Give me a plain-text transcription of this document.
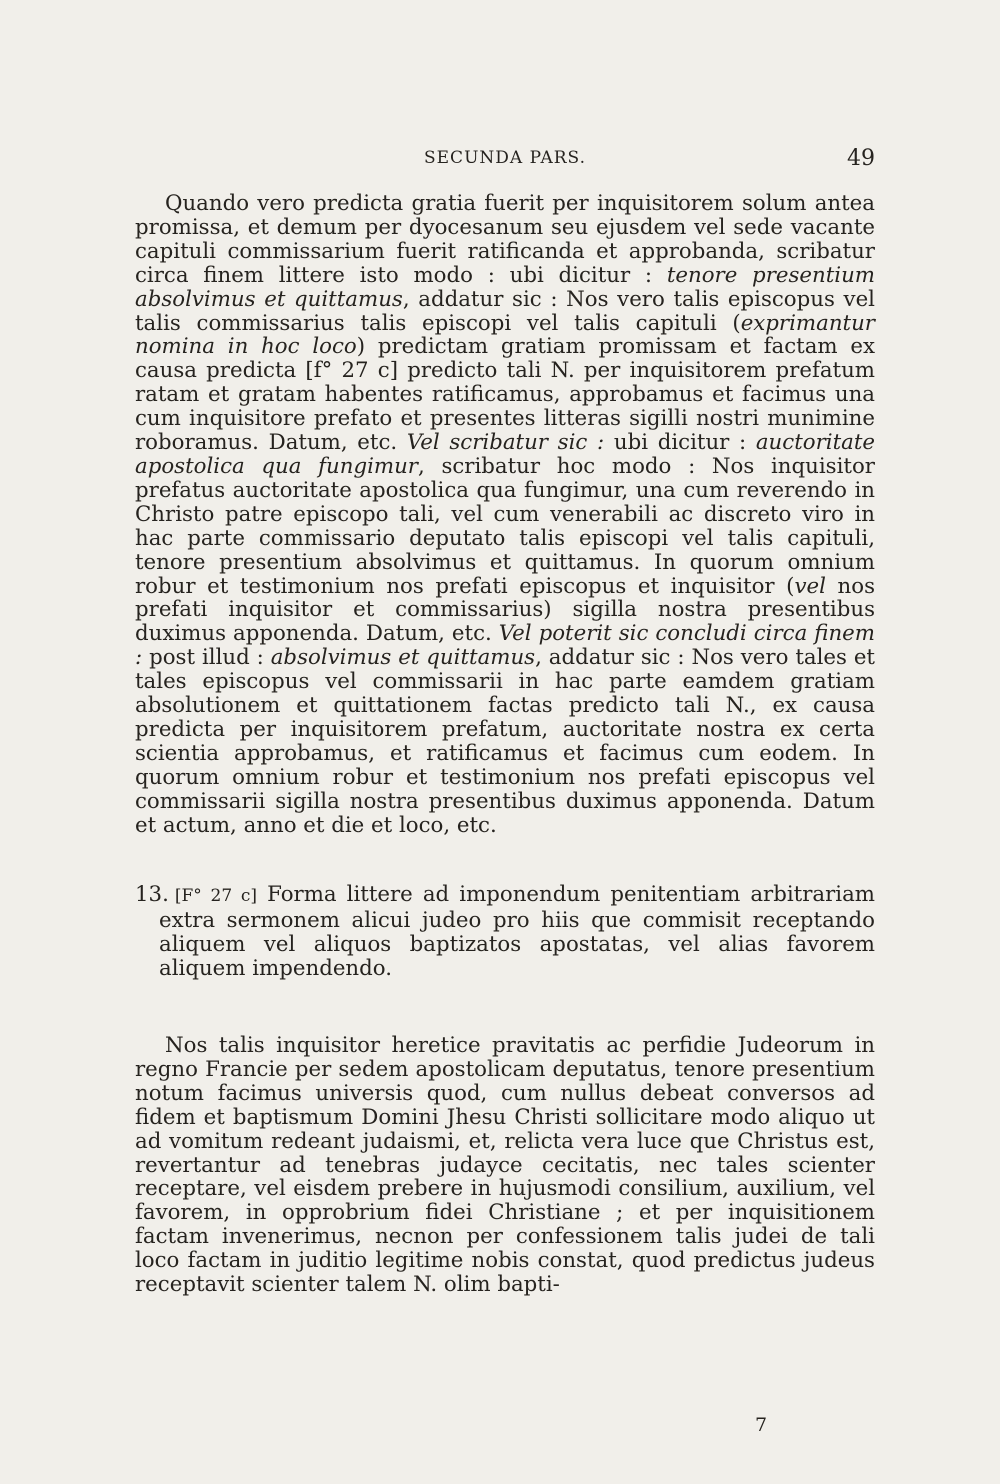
SECUNDA PARS.	49

Quando vero predicta gratia fuerit per inquisitorem solum antea promissa, et demum per dyocesanum seu ejusdem vel sede vacante capituli commissarium fuerit ratificanda et approbanda, scribatur circa finem littere isto modo : ubi dicitur : tenore presentium absolvimus et quittamus, addatur sic : Nos vero talis episcopus vel talis commissarius talis episcopi vel talis capituli (exprimantur nomina in hoc loco) predictam gratiam promissam et factam ex causa predicta [f° 27 c] predicto tali N. per inquisitorem prefatum ratam et gratam habentes ratificamus, approbamus et facimus una cum inquisitore prefato et presentes litteras sigilli nostri munimine roboramus. Datum, etc. Vel scribatur sic : ubi dicitur : auctoritate apostolica qua fungimur, scribatur hoc modo : Nos inquisitor prefatus auctoritate apostolica qua fungimur, una cum reverendo in Christo patre episcopo tali, vel cum venerabili ac discreto viro in hac parte commissario deputato talis episcopi vel talis capituli, tenore presentium absolvimus et quittamus. In quorum omnium robur et testimonium nos prefati episcopus et inquisitor (vel nos prefati inquisitor et commissarius) sigilla nostra presentibus duximus apponenda. Datum, etc. Vel poterit sic concludi circa finem : post illud : absolvimus et quittamus, addatur sic : Nos vero tales et tales episcopus vel commissarii in hac parte eamdem gratiam absolutionem et quittationem factas predicto tali N., ex causa predicta per inquisitorem prefatum, auctoritate nostra ex certa scientia approbamus, et ratificamus et facimus cum eodem. In quorum omnium robur et testimonium nos prefati episcopus vel commissarii sigilla nostra presentibus duximus apponenda. Datum et actum, anno et die et loco, etc.

13. [F° 27 c] Forma littere ad imponendum penitentiam arbitrariam extra sermonem alicui judeo pro hiis que commisit receptando aliquem vel aliquos baptizatos apostatas, vel alias favorem aliquem impendendo.

Nos talis inquisitor heretice pravitatis ac perfidie Judeorum in regno Francie per sedem apostolicam deputatus, tenore presentium notum facimus universis quod, cum nullus debeat conversos ad fidem et baptismum Domini Jhesu Christi sollicitare modo aliquo ut ad vomitum redeant judaismi, et, relicta vera luce que Christus est, revertantur ad tenebras judayce cecitatis, nec tales scienter receptare, vel eisdem prebere in hujusmodi consilium, auxilium, vel favorem, in opprobrium fidei Christiane ; et per inquisitionem factam invenerimus, necnon per confessionem talis judei de tali loco factam in juditio legitime nobis constat, quod predictus judeus receptavit scienter talem N. olim bapti-

7
